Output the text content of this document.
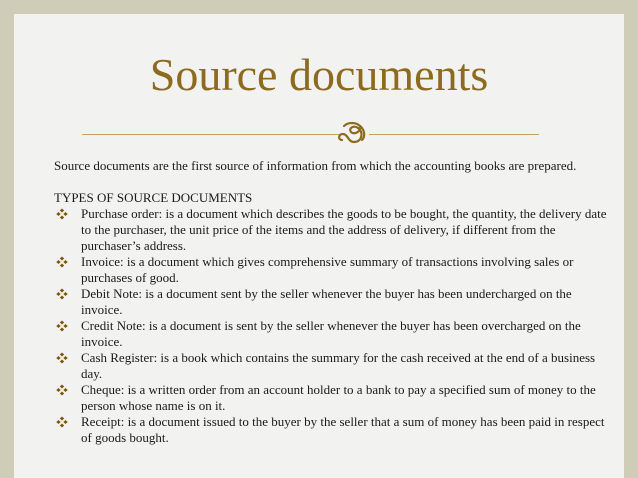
Source documents

Source documents are the first source of information from which the accounting books are prepared.

TYPES OF SOURCE DOCUMENTS

Purchase order: is a document which describes the goods to be bought, the quantity, the delivery date to the purchaser, the unit price of the items and the address of delivery, if different from the purchaser’s address.
Invoice: is a document which gives comprehensive summary of transactions involving sales or purchases of good.
Debit Note: is a document sent by the seller whenever the buyer has been undercharged on the invoice.
Credit Note: is a document is sent by the seller whenever the buyer has been overcharged on the invoice.
Cash Register: is a book which contains the summary for the cash received at the end of a business day.
Cheque: is a written order from an account holder to a bank to pay a specified sum of money to the person whose name is on it.
Receipt: is a document issued to the buyer by the seller that a sum of money has been paid in respect of goods bought.
